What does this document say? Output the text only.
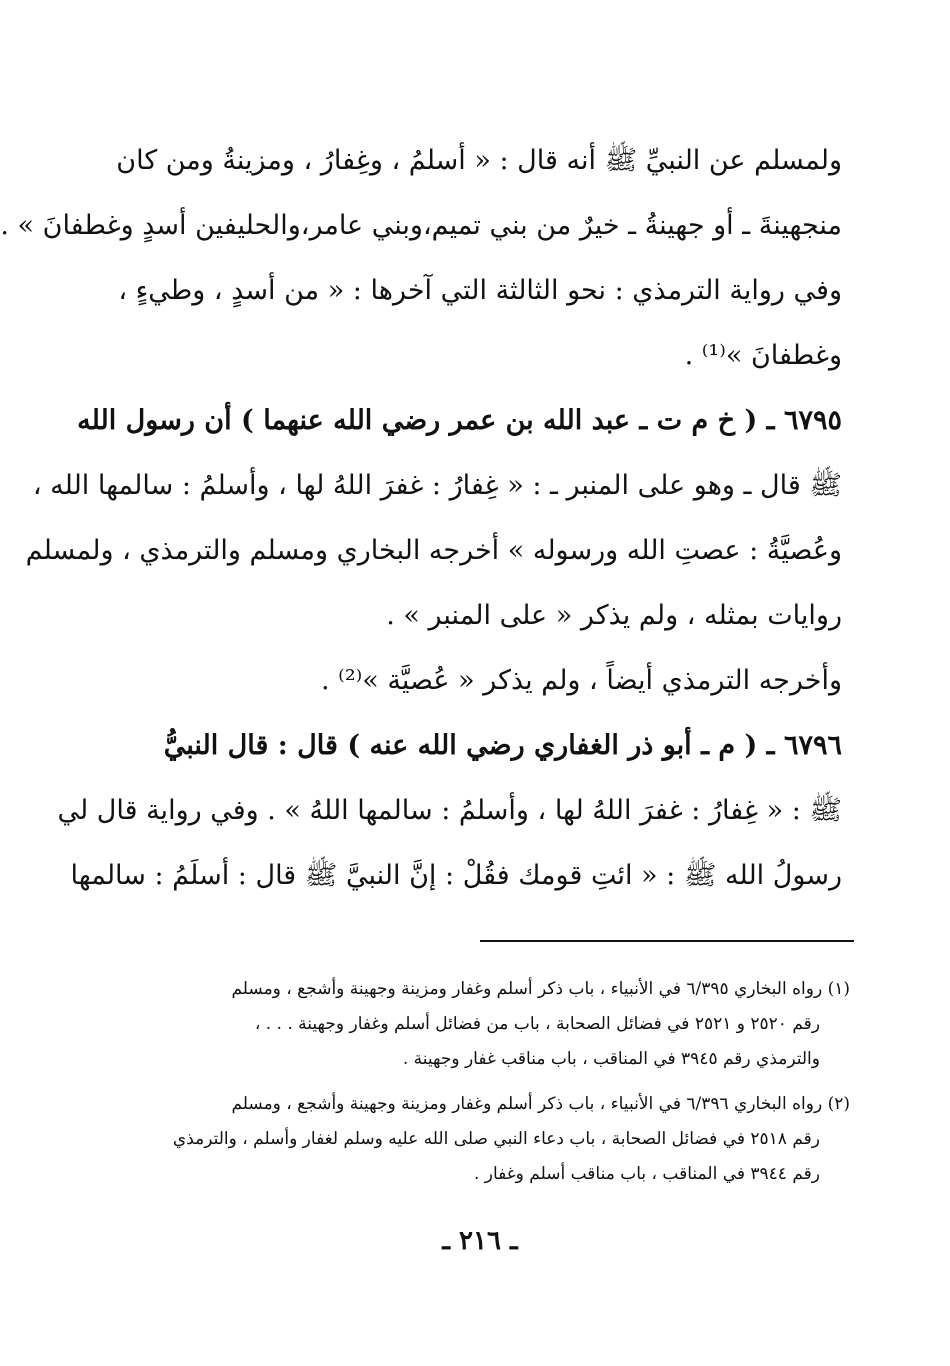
ولمسلم عن النبيِّ ﷺ أنه قال : « أسلمُ ، وغِفارُ ، ومزينةُ ومن كان
منجهينةَ ـ أو جهينةُ ـ خيرٌ من بني تميم،وبني عامر،والحليفين أسدٍ وغطفانَ » .
وفي رواية الترمذي : نحو الثالثة التي آخرها : « من أسدٍ ، وطيءٍ ،
وغطفانَ »⁽¹⁾ .
٦٧٩٥ ـ ( خ م ت ـ عبد الله بن عمر رضي الله عنهما ) أن رسول الله
ﷺ قال ـ وهو على المنبر ـ : « غِفارُ : غفرَ اللهُ لها ، وأسلمُ : سالمها الله ،
وعُصيَّةُ : عصتِ الله ورسوله » أخرجه البخاري ومسلم والترمذي ، ولمسلم
روايات بمثله ، ولم يذكر « على المنبر » .
وأخرجه الترمذي أيضاً ، ولم يذكر « عُصيَّة »⁽²⁾ .
٦٧٩٦ ـ ( م ـ أبو ذر الغفاري رضي الله عنه ) قال : قال النبيُّ
ﷺ : « غِفارُ : غفرَ اللهُ لها ، وأسلمُ : سالمها اللهُ » . وفي رواية قال لي
رسولُ الله ﷺ : « ائتِ قومك فقُلْ : إنَّ النبيَّ ﷺ قال : أسلَمُ : سالمها
(١) رواه البخاري ٦/٣٩٥ في الأنبياء ، باب ذكر أسلم وغفار ومزينة وجهينة وأشجع ، ومسلم
رقم ٢٥٢٠ و ٢٥٢١ في فضائل الصحابة ، باب من فضائل أسلم وغفار وجهينة . . . ،
والترمذي رقم ٣٩٤٥ في المناقب ، باب مناقب غفار وجهينة .
(٢) رواه البخاري ٦/٣٩٦ في الأنبياء ، باب ذكر أسلم وغفار ومزينة وجهينة وأشجع ، ومسلم
رقم ٢٥١٨ في فضائل الصحابة ، باب دعاء النبي صلى الله عليه وسلم لغفار وأسلم ، والترمذي
رقم ٣٩٤٤ في المناقب ، باب مناقب أسلم وغفار .
ـ ٢١٦ ـ
